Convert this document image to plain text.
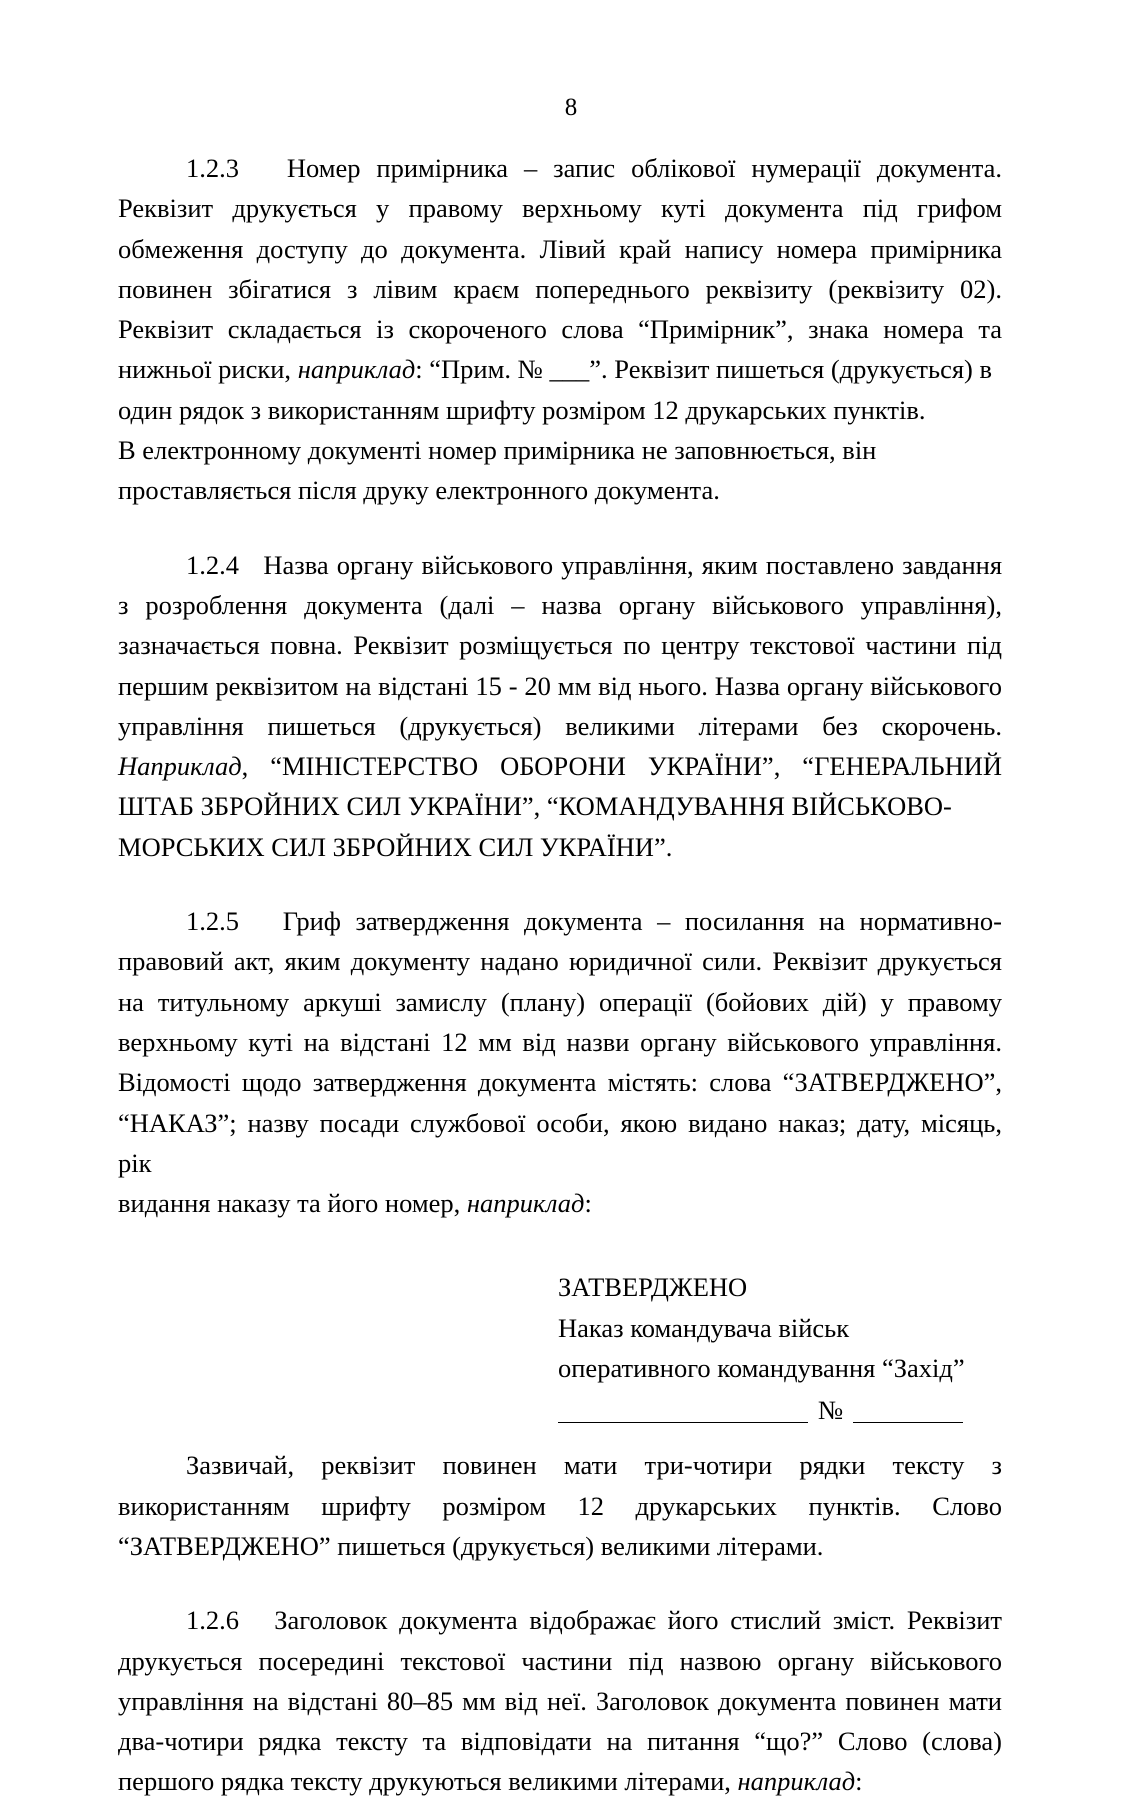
8

1.2.3 Номер примірника – запис облікової нумерації документа. Реквізит друкується у правому верхньому куті документа під грифом обмеження доступу до документа. Лівий край напису номера примірника повинен збігатися з лівим краєм попереднього реквізиту (реквізиту 02). Реквізит складається із скороченого слова “Примірник”, знака номера та нижньої риски, наприклад: “Прим. № ___”. Реквізит пишеться (друкується) в

один рядок з використанням шрифту розміром 12 друкарських пунктів.

В електронному документі номер примірника не заповнюється, він

проставляється після друку електронного документа.

1.2.4 Назва органу військового управління, яким поставлено завдання з розроблення документа (далі – назва органу військового управління), зазначається повна. Реквізит розміщується по центру текстової частини під першим реквізитом на відстані 15 - 20 мм від нього. Назва органу військового управління пишеться (друкується) великими літерами без скорочень. Наприклад, “МІНІСТЕРСТВО ОБОРОНИ УКРАЇНИ”, “ГЕНЕРАЛЬНИЙ ШТАБ ЗБРОЙНИХ СИЛ УКРАЇНИ”, “КОМАНДУВАННЯ ВІЙСЬКОВО-

МОРСЬКИХ СИЛ ЗБРОЙНИХ СИЛ УКРАЇНИ”.

1.2.5 Гриф затвердження документа – посилання на нормативно-правовий акт, яким документу надано юридичної сили. Реквізит друкується на титульному аркуші замислу (плану) операції (бойових дій) у правому верхньому куті на відстані 12 мм від назви органу військового управління. Відомості щодо затвердження документа містять: слова “ЗАТВЕРДЖЕНО”, “НАКАЗ”; назву посади службової особи, якою видано наказ; дату, місяць, рік

видання наказу та його номер, наприклад:

ЗАТВЕРДЖЕНО
Наказ командувача військ
оперативного командування “Захід”
№

Зазвичай, реквізит повинен мати три-чотири рядки тексту з використанням шрифту розміром 12 друкарських пунктів. Слово “ЗАТВЕРДЖЕНО” пишеться (друкується) великими літерами.

1.2.6 Заголовок документа відображає його стислий зміст. Реквізит друкується посередині текстової частини під назвою органу військового управління на відстані 80–85 мм від неї. Заголовок документа повинен мати два-чотири рядка тексту та відповідати на питання “що?” Слово (слова) першого рядка тексту друкуються великими літерами, наприклад:
